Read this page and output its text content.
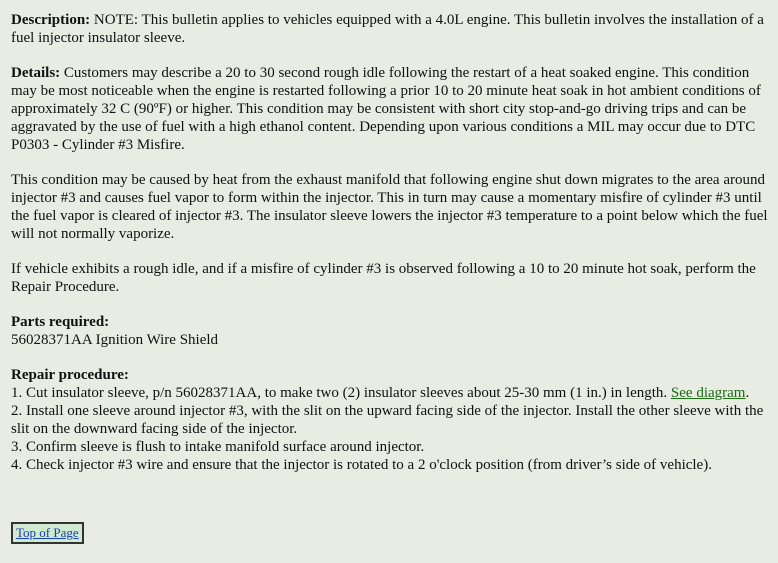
Description: NOTE: This bulletin applies to vehicles equipped with a 4.0L engine. This bulletin involves the installation of a fuel injector insulator sleeve.

Details: Customers may describe a 20 to 30 second rough idle following the restart of a heat soaked engine. This condition may be most noticeable when the engine is restarted following a prior 10 to 20 minute heat soak in hot ambient conditions of approximately 32 C (90ºF) or higher. This condition may be consistent with short city stop-and-go driving trips and can be aggravated by the use of fuel with a high ethanol content. Depending upon various conditions a MIL may occur due to DTC P0303 - Cylinder #3 Misfire.

This condition may be caused by heat from the exhaust manifold that following engine shut down migrates to the area around injector #3 and causes fuel vapor to form within the injector. This in turn may cause a momentary misfire of cylinder #3 until the fuel vapor is cleared of injector #3. The insulator sleeve lowers the injector #3 temperature to a point below which the fuel will not normally vaporize.

If vehicle exhibits a rough idle, and if a misfire of cylinder #3 is observed following a 10 to 20 minute hot soak, perform the Repair Procedure.

Parts required:
56028371AA Ignition Wire Shield

Repair procedure:
1. Cut insulator sleeve, p/n 56028371AA, to make two (2) insulator sleeves about 25-30 mm (1 in.) in length. See diagram.
2. Install one sleeve around injector #3, with the slit on the upward facing side of the injector. Install the other sleeve with the slit on the downward facing side of the injector.
3. Confirm sleeve is flush to intake manifold surface around injector.
4. Check injector #3 wire and ensure that the injector is rotated to a 2 o'clock position (from driver’s side of vehicle).

Top of Page
